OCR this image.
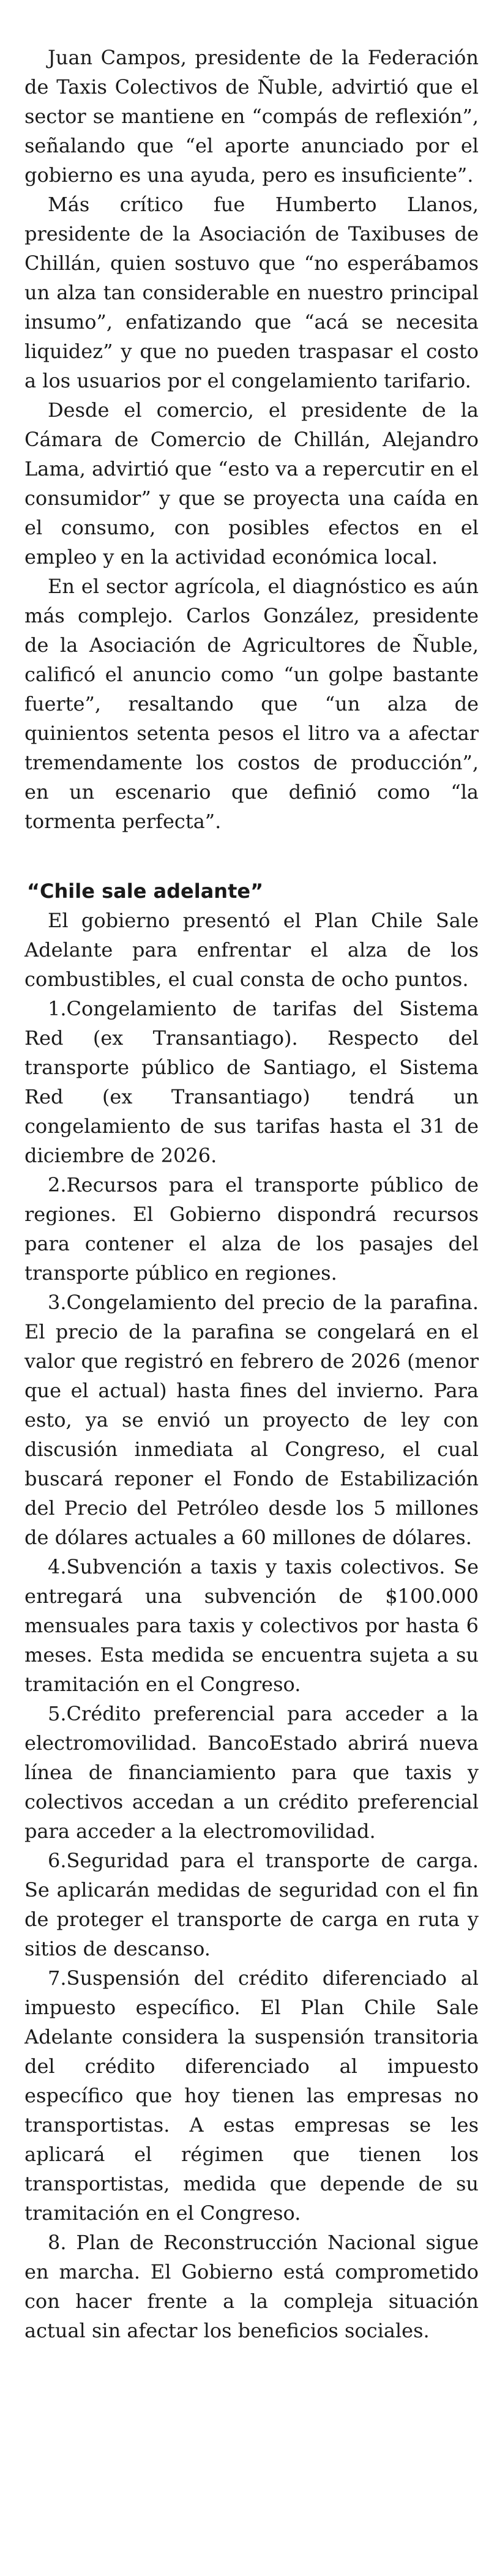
Juan Campos, presidente de la Federación de Taxis Colectivos de Ñuble, advirtió que el sector se mantiene en “compás de reflexión”, señalando que “el aporte anunciado por el gobierno es una ayuda, pero es insuficiente”.

Más crítico fue Humberto Llanos, presidente de la Asociación de Taxibuses de Chillán, quien sostuvo que “no esperábamos un alza tan considerable en nuestro principal insumo”, enfatizando que “acá se necesita liquidez” y que no pueden traspasar el costo a los usuarios por el congelamiento tarifario.

Desde el comercio, el presidente de la Cámara de Comercio de Chillán, Alejandro Lama, advirtió que “esto va a repercutir en el consumidor” y que se proyecta una caída en el consumo, con posibles efectos en el empleo y en la actividad económica local.

En el sector agrícola, el diagnóstico es aún más complejo. Carlos González, presidente de la Asociación de Agricultores de Ñuble, calificó el anuncio como “un golpe bastante fuerte”, resaltando que “un alza de quinientos setenta pesos el litro va a afectar tremendamente los costos de producción”, en un escenario que definió como “la tormenta perfecta”.

“Chile sale adelante”

El gobierno presentó el Plan Chile Sale Adelante para enfrentar el alza de los combustibles, el cual consta de ocho puntos.

1.Congelamiento de tarifas del Sistema Red (ex Transantiago). Respecto del transporte público de Santiago, el Sistema Red (ex Transantiago) tendrá un congelamiento de sus tarifas hasta el 31 de diciembre de 2026.

2.Recursos para el transporte público de regiones. El Gobierno dispondrá recursos para contener el alza de los pasajes del transporte público en regiones.

3.Congelamiento del precio de la parafina. El precio de la parafina se congelará en el valor que registró en febrero de 2026 (menor que el actual) hasta fines del invierno. Para esto, ya se envió un proyecto de ley con discusión inmediata al Congreso, el cual buscará reponer el Fondo de Estabilización del Precio del Petróleo desde los 5 millones de dólares actuales a 60 millones de dólares.

4.Subvención a taxis y taxis colectivos. Se entregará una subvención de $100.000 mensuales para taxis y colectivos por hasta 6 meses. Esta medida se encuentra sujeta a su tramitación en el Congreso.

5.Crédito preferencial para acceder a la electromovilidad. BancoEstado abrirá nueva línea de financiamiento para que taxis y colectivos accedan a un crédito preferencial para acceder a la electromovilidad.

6.Seguridad para el transporte de carga. Se aplicarán medidas de seguridad con el fin de proteger el transporte de carga en ruta y sitios de descanso.

7.Suspensión del crédito diferenciado al impuesto específico. El Plan Chile Sale Adelante considera la suspensión transitoria del crédito diferenciado al impuesto específico que hoy tienen las empresas no transportistas. A estas empresas se les aplicará el régimen que tienen los transportistas, medida que depende de su tramitación en el Congreso.

8. Plan de Reconstrucción Nacional sigue en marcha. El Gobierno está comprometido con hacer frente a la compleja situación actual sin afectar los beneficios sociales.
